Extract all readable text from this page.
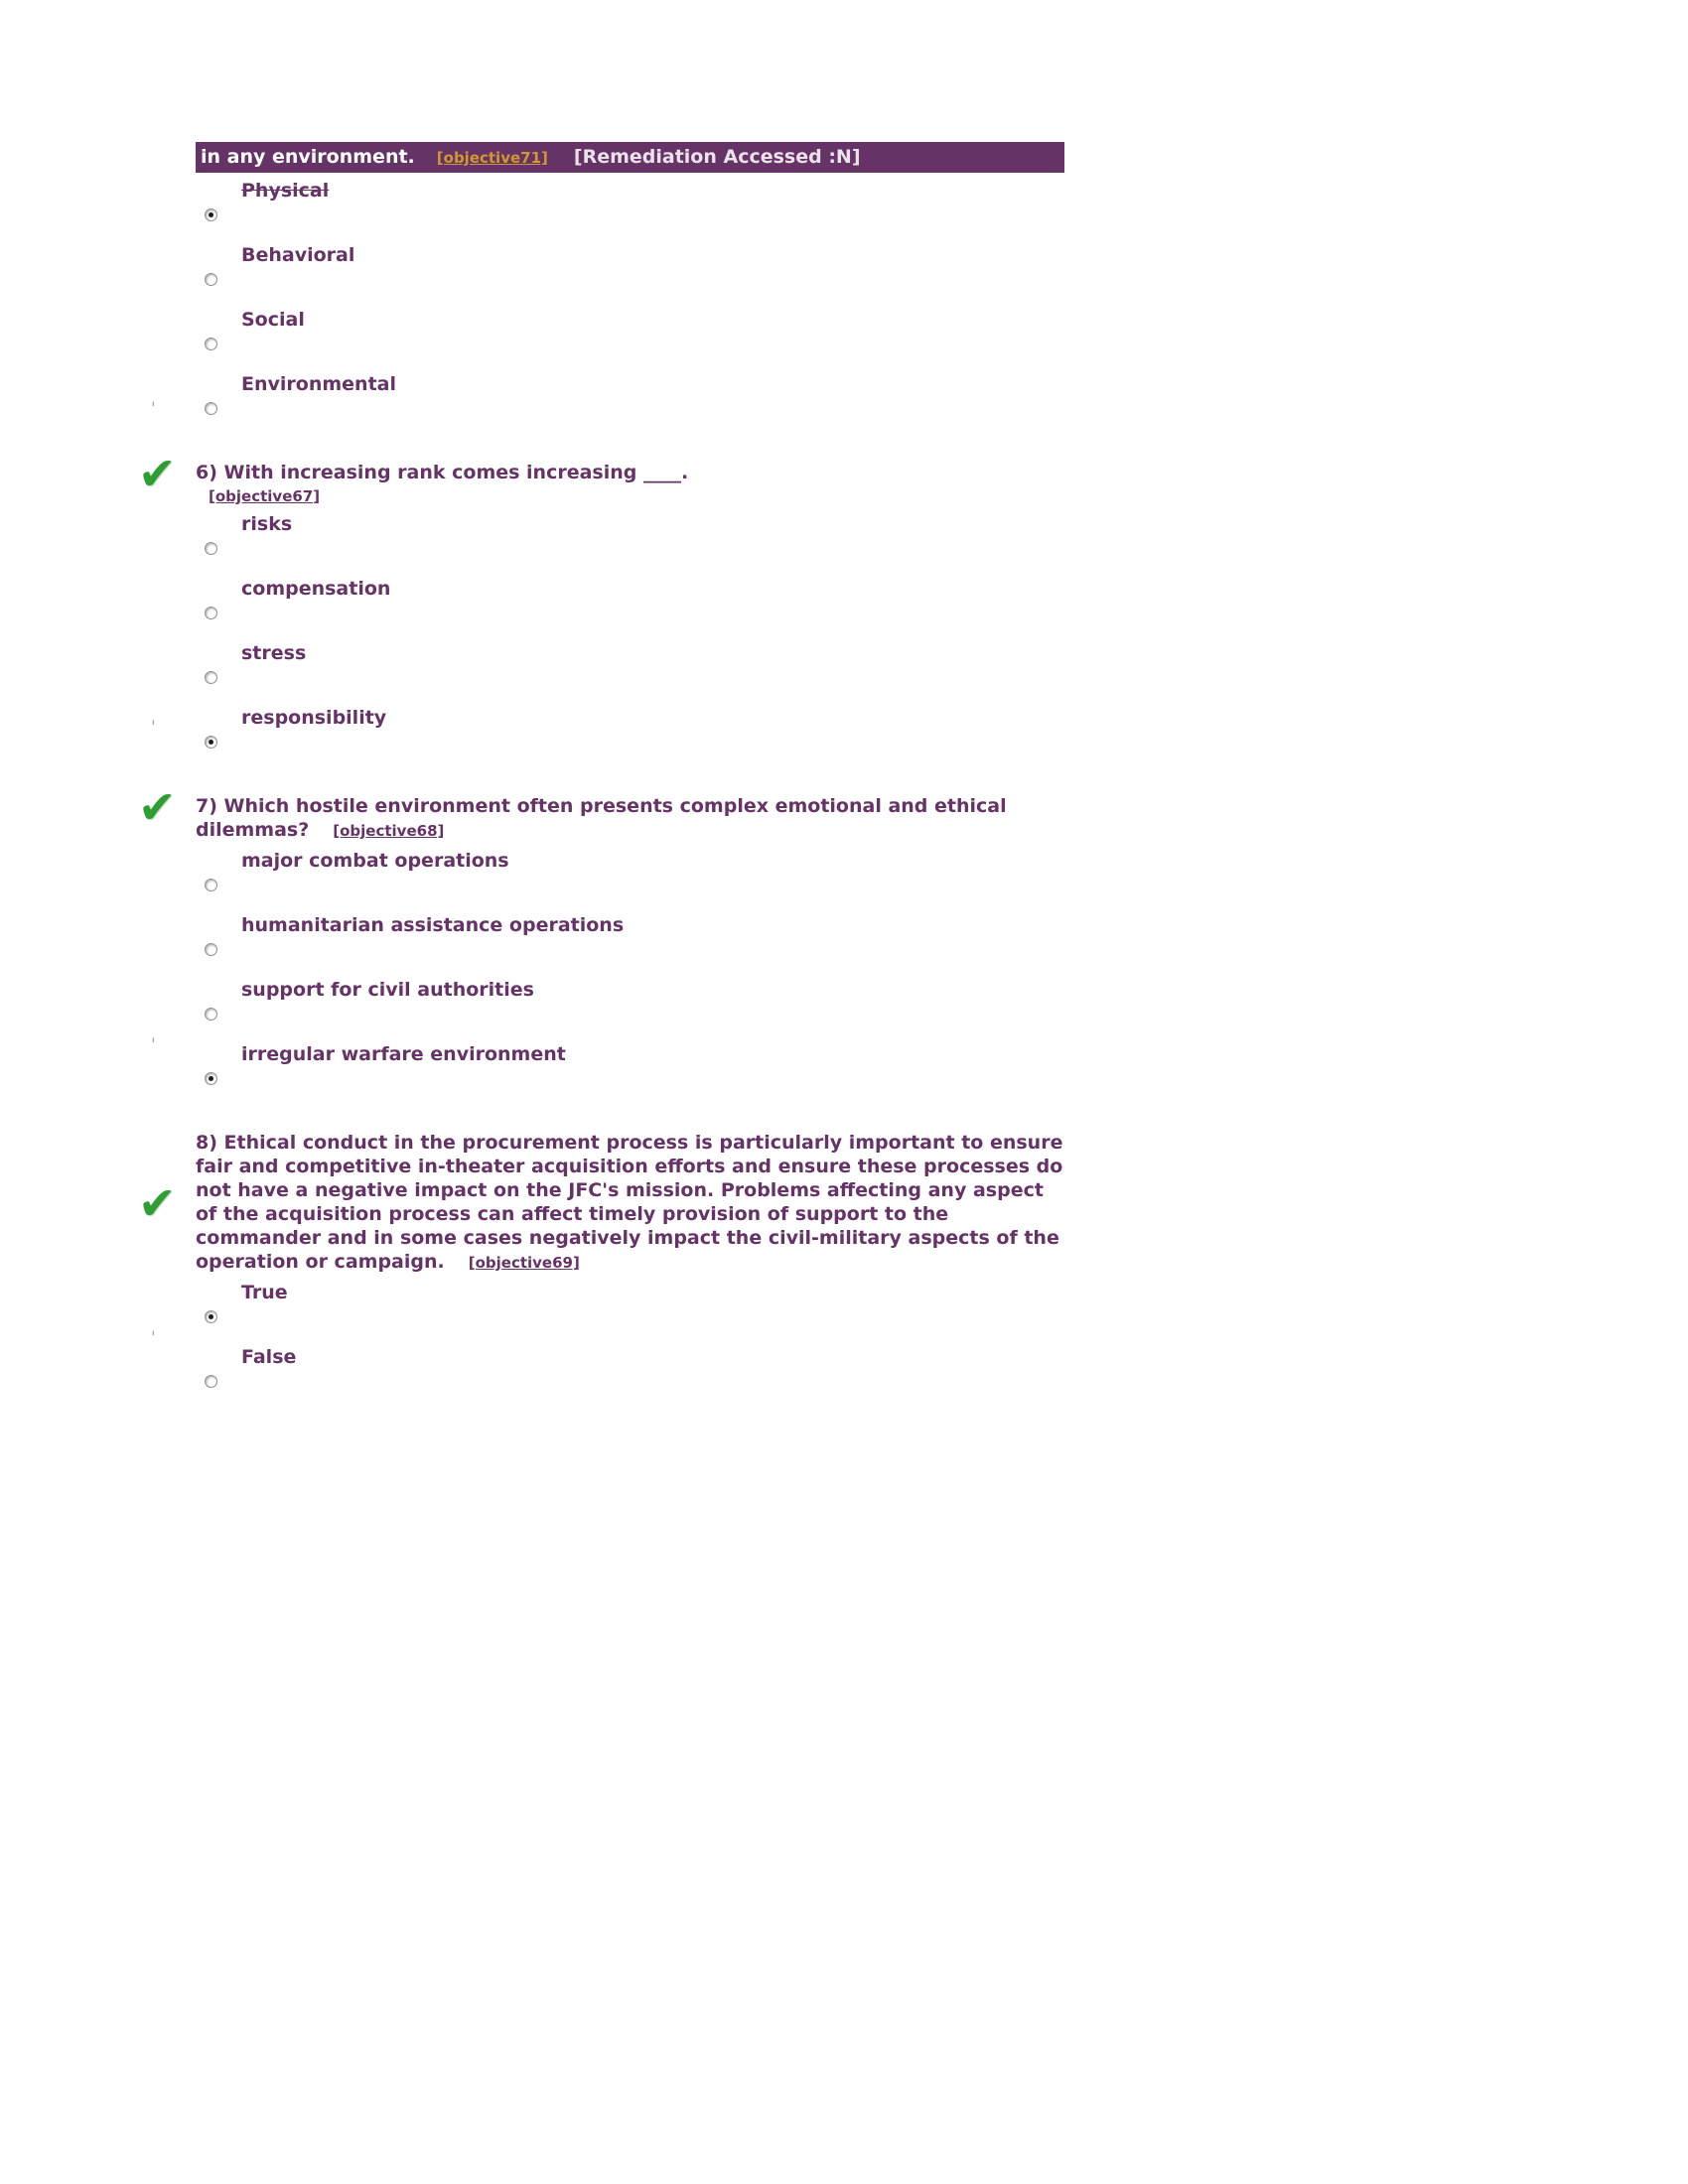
in any environment. [objective71] [Remediation Accessed :N]
Physical
Behavioral
Social
Environmental
✔ 6) With increasing rank comes increasing ____.
[objective67]
risks
compensation
stress
responsibility
✔ 7) Which hostile environment often presents complex emotional and ethical dilemmas? [objective68]
major combat operations
humanitarian assistance operations
support for civil authorities
irregular warfare environment
✔
8) Ethical conduct in the procurement process is particularly important to ensure fair and competitive in-theater acquisition efforts and ensure these processes do not have a negative impact on the JFC's mission. Problems affecting any aspect of the acquisition process can affect timely provision of support to the commander and in some cases negatively impact the civil-military aspects of the operation or campaign. [objective69]
True
False
'
'
'
'
